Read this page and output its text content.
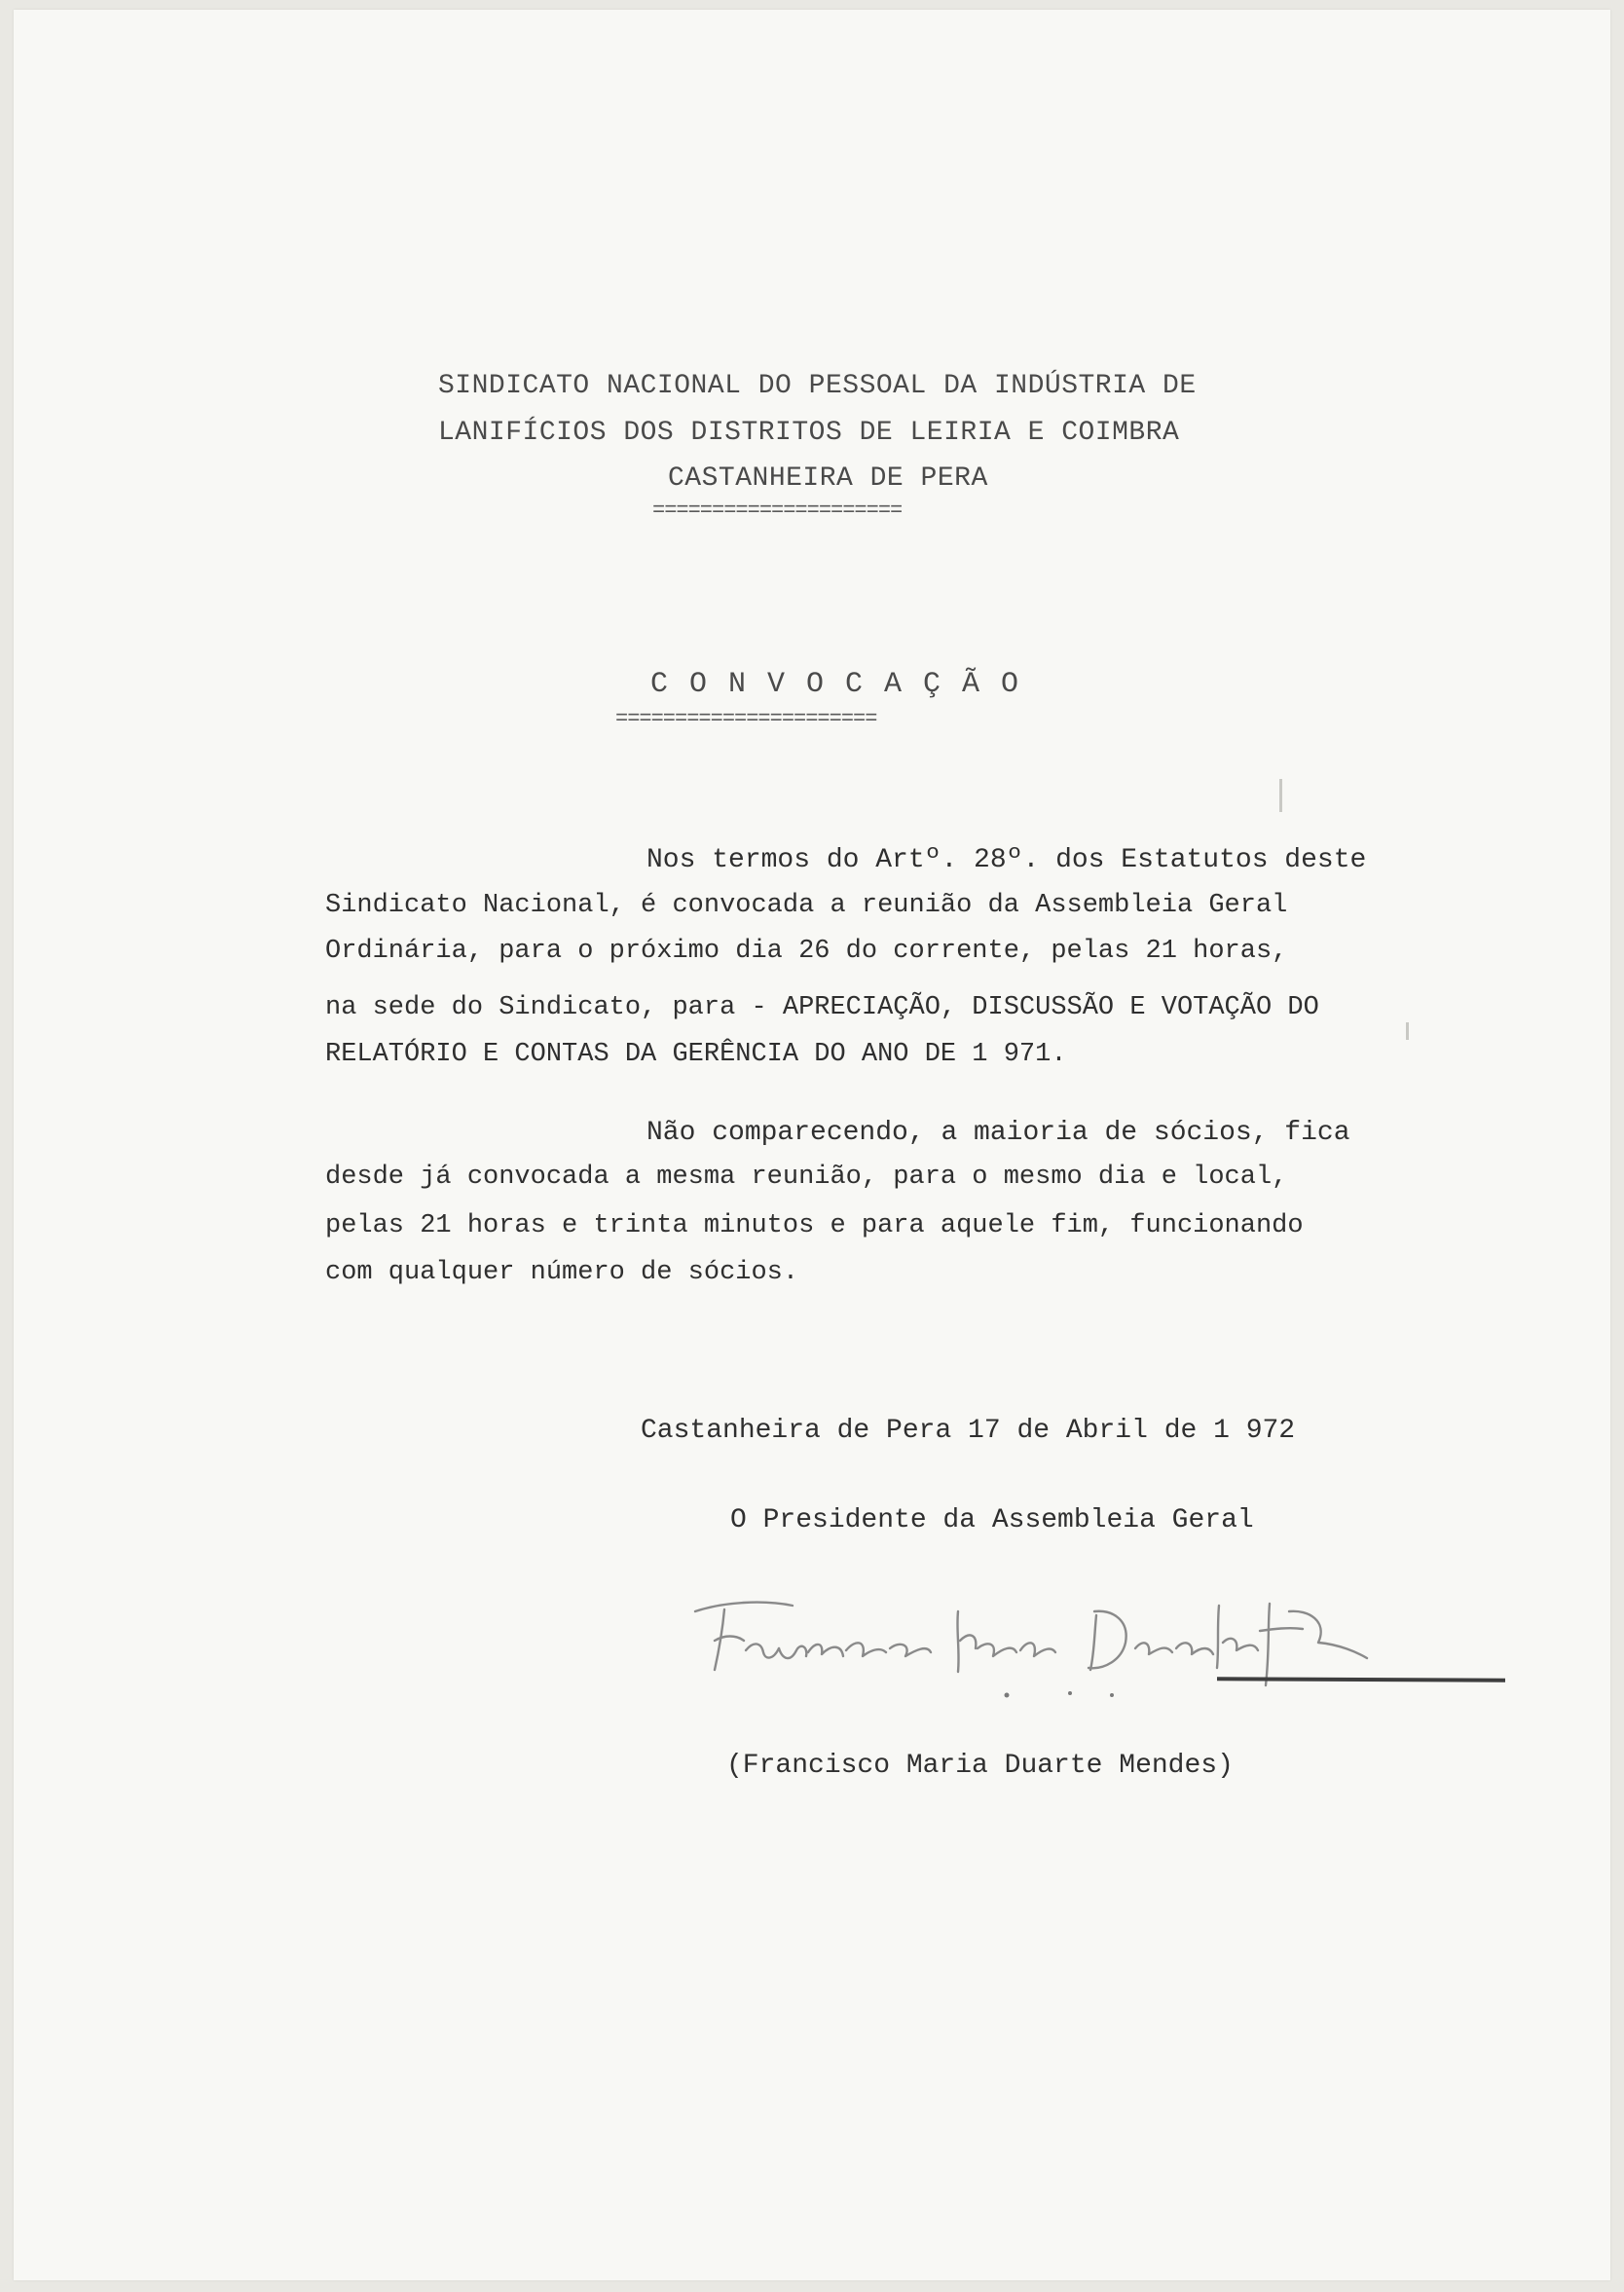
SINDICATO NACIONAL DO PESSOAL DA INDÚSTRIA DE
LANIFÍCIOS DOS DISTRITOS DE LEIRIA E COIMBRA
CASTANHEIRA DE PERA
=====================
C O N V O C A Ç Ã O
======================
Nos termos do Artº. 28º. dos Estatutos deste
Sindicato Nacional, é convocada a reunião da Assembleia Geral
Ordinária, para o próximo dia 26 do corrente, pelas 21 horas,
na sede do Sindicato, para - APRECIAÇÃO, DISCUSSÃO E VOTAÇÃO DO
RELATÓRIO E CONTAS DA GERÊNCIA DO ANO DE 1 971.
Não comparecendo, a maioria de sócios, fica
desde já convocada a mesma reunião, para o mesmo dia e local,
pelas 21 horas e trinta minutos e para aquele fim, funcionando
com qualquer número de sócios.
Castanheira de Pera 17 de Abril de 1 972
O Presidente da Assembleia Geral
(Francisco Maria Duarte Mendes)
